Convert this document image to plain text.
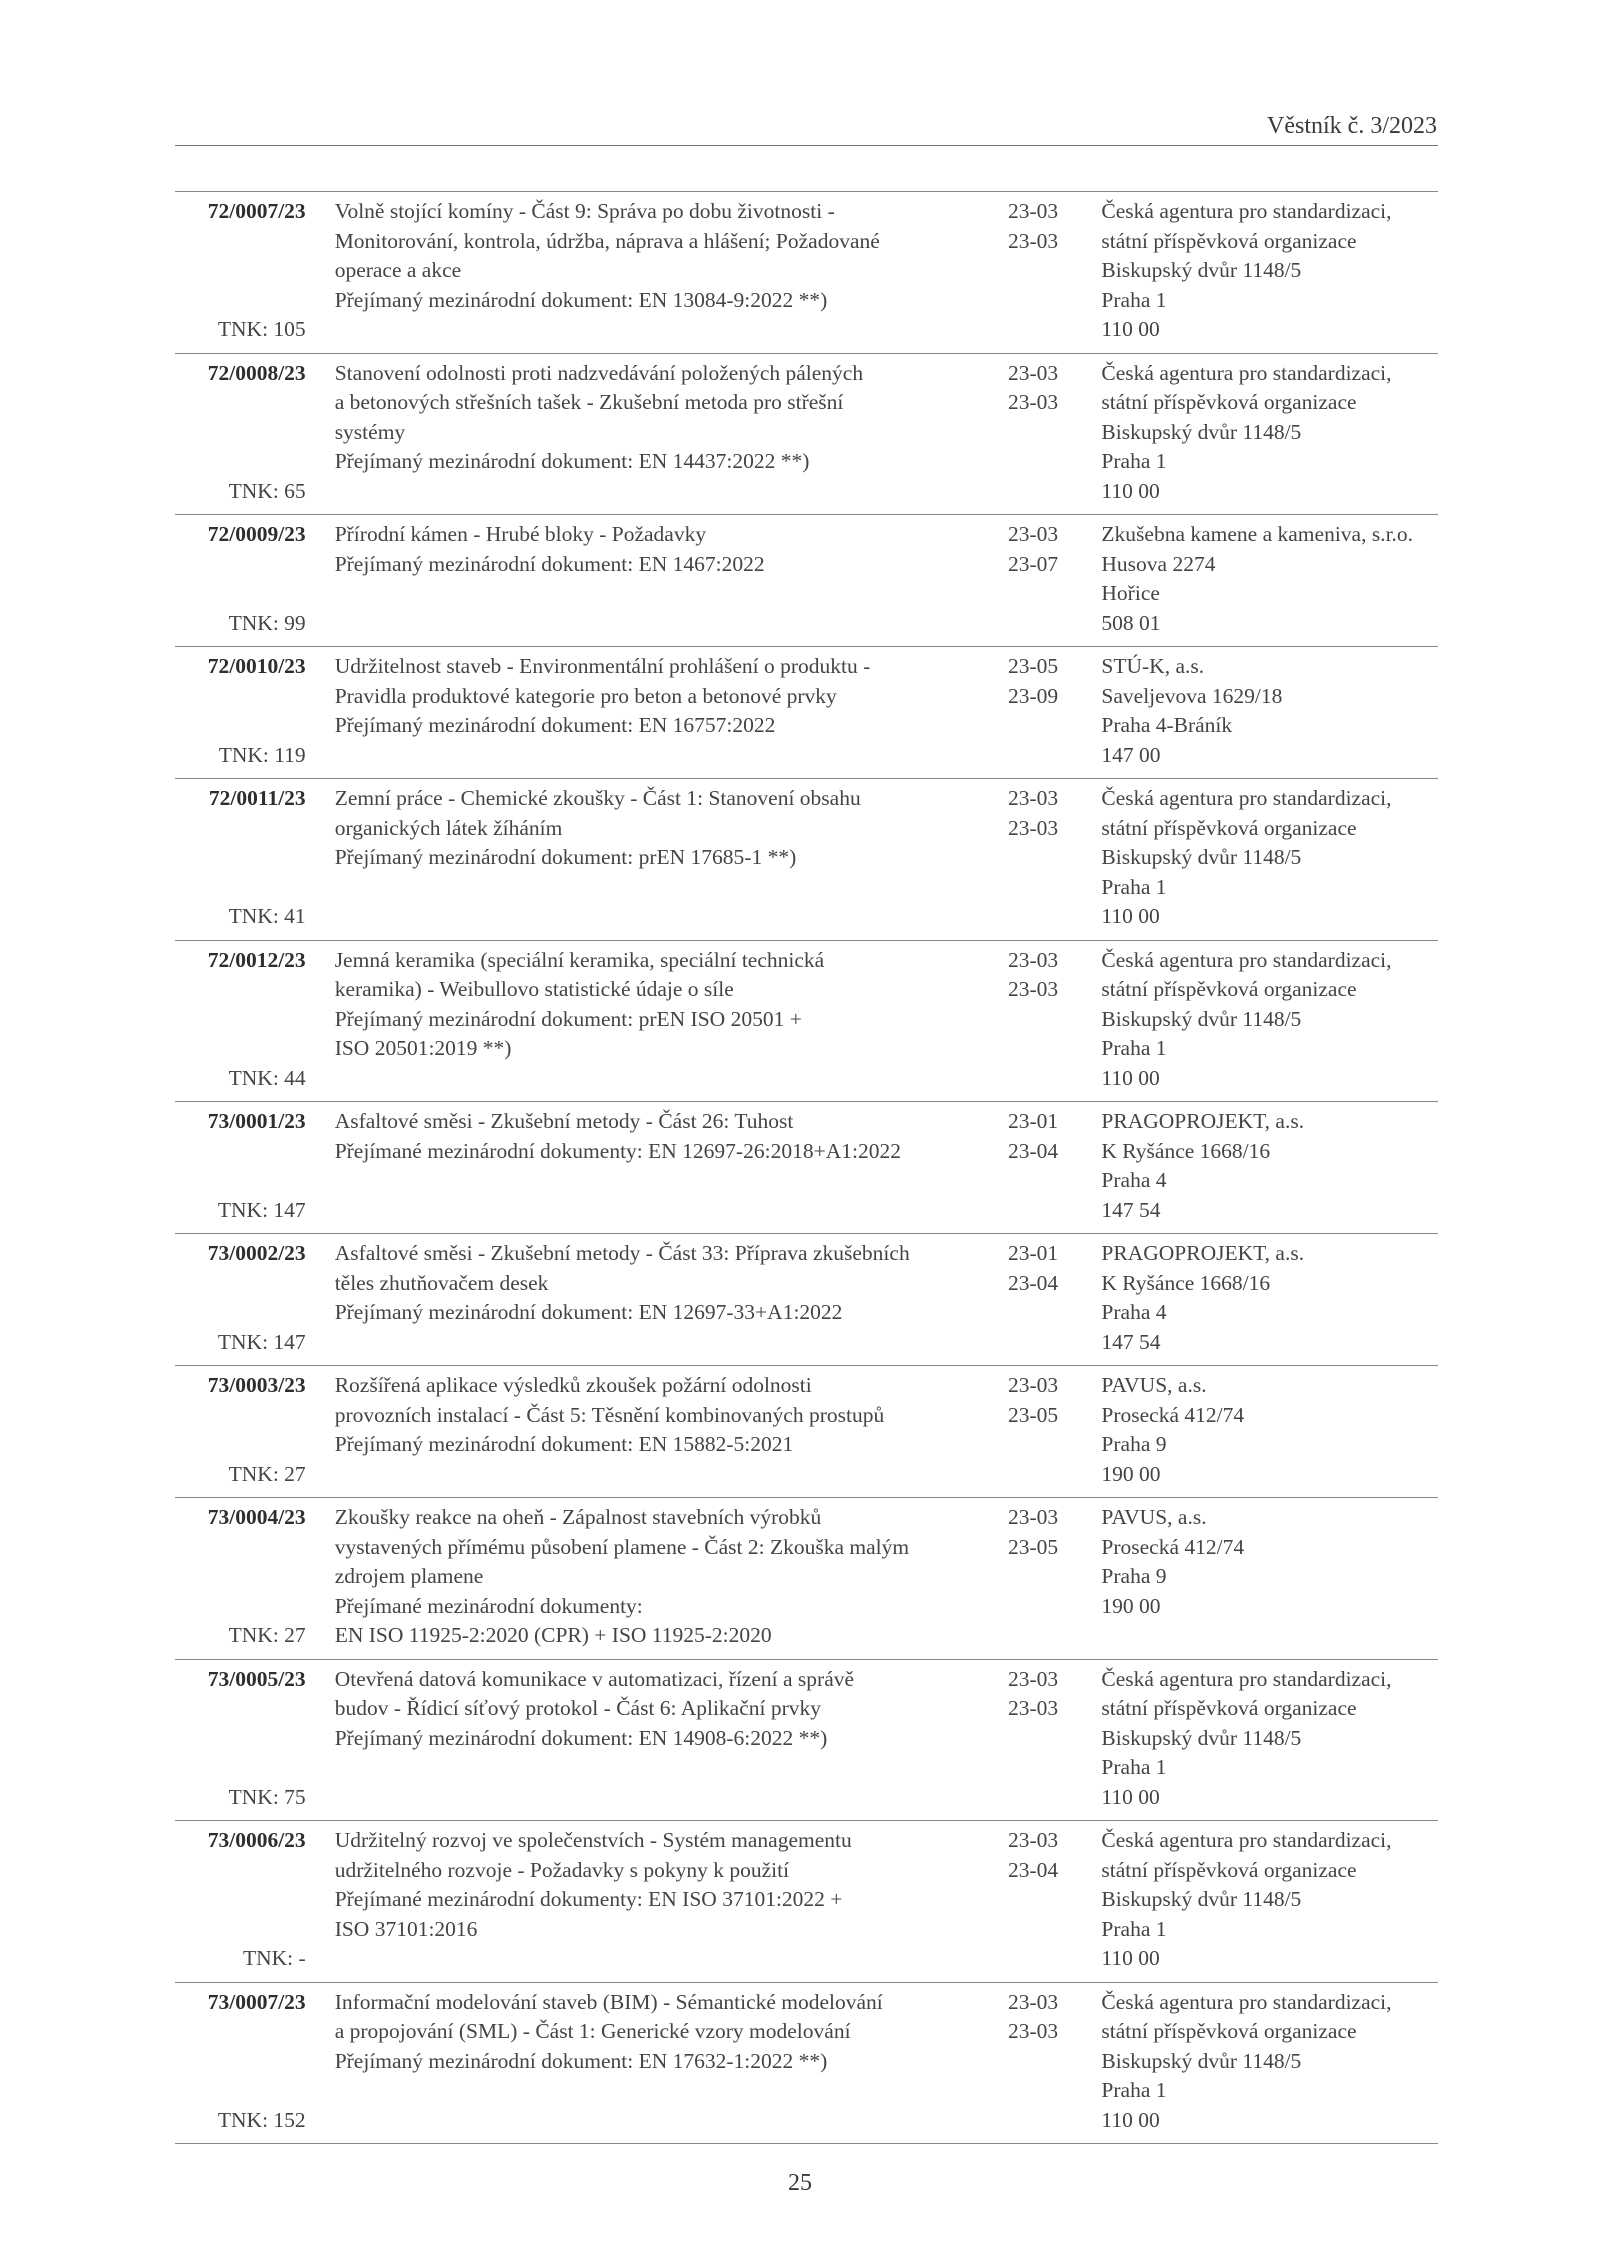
Věstník č. 3/2023
72/0007/23
TNK: 105
Volně stojící komíny - Část 9: Správa po dobu životnosti -
Monitorování, kontrola, údržba, náprava a hlášení; Požadované
operace a akce
Přejímaný mezinárodní dokument: EN 13084-9:2022 **)
23-03
23-03
Česká agentura pro standardizaci,
státní příspěvková organizace
Biskupský dvůr 1148/5
Praha 1
110 00
72/0008/23
TNK: 65
Stanovení odolnosti proti nadzvedávání položených pálených
a betonových střešních tašek - Zkušební metoda pro střešní
systémy
Přejímaný mezinárodní dokument: EN 14437:2022 **)
23-03
23-03
Česká agentura pro standardizaci,
státní příspěvková organizace
Biskupský dvůr 1148/5
Praha 1
110 00
72/0009/23
TNK: 99
Přírodní kámen - Hrubé bloky - Požadavky
Přejímaný mezinárodní dokument: EN 1467:2022
23-03
23-07
Zkušebna kamene a kameniva, s.r.o.
Husova 2274
Hořice
508 01
72/0010/23
TNK: 119
Udržitelnost staveb - Environmentální prohlášení o produktu -
Pravidla produktové kategorie pro beton a betonové prvky
Přejímaný mezinárodní dokument: EN 16757:2022
23-05
23-09
STÚ-K, a.s.
Saveljevova 1629/18
Praha 4-Bráník
147 00
72/0011/23
TNK: 41
Zemní práce - Chemické zkoušky - Část 1: Stanovení obsahu
organických látek žíháním
Přejímaný mezinárodní dokument: prEN 17685-1 **)
23-03
23-03
Česká agentura pro standardizaci,
státní příspěvková organizace
Biskupský dvůr 1148/5
Praha 1
110 00
72/0012/23
TNK: 44
Jemná keramika (speciální keramika, speciální technická
keramika) - Weibullovo statistické údaje o síle
Přejímaný mezinárodní dokument: prEN ISO 20501 +
ISO 20501:2019 **)
23-03
23-03
Česká agentura pro standardizaci,
státní příspěvková organizace
Biskupský dvůr 1148/5
Praha 1
110 00
73/0001/23
TNK: 147
Asfaltové směsi - Zkušební metody - Část 26: Tuhost
Přejímané mezinárodní dokumenty: EN 12697-26:2018+A1:2022
23-01
23-04
PRAGOPROJEKT, a.s.
K Ryšánce 1668/16
Praha 4
147 54
73/0002/23
TNK: 147
Asfaltové směsi - Zkušební metody - Část 33: Příprava zkušebních
těles zhutňovačem desek
Přejímaný mezinárodní dokument: EN 12697-33+A1:2022
23-01
23-04
PRAGOPROJEKT, a.s.
K Ryšánce 1668/16
Praha 4
147 54
73/0003/23
TNK: 27
Rozšířená aplikace výsledků zkoušek požární odolnosti
provozních instalací - Část 5: Těsnění kombinovaných prostupů
Přejímaný mezinárodní dokument: EN 15882-5:2021
23-03
23-05
PAVUS, a.s.
Prosecká 412/74
Praha 9
190 00
73/0004/23
TNK: 27
Zkoušky reakce na oheň - Zápalnost stavebních výrobků
vystavených přímému působení plamene - Část 2: Zkouška malým
zdrojem plamene
Přejímané mezinárodní dokumenty:
EN ISO 11925-2:2020 (CPR) + ISO 11925-2:2020
23-03
23-05
PAVUS, a.s.
Prosecká 412/74
Praha 9
190 00
73/0005/23
TNK: 75
Otevřená datová komunikace v automatizaci, řízení a správě
budov - Řídicí síťový protokol - Část 6: Aplikační prvky
Přejímaný mezinárodní dokument: EN 14908-6:2022 **)
23-03
23-03
Česká agentura pro standardizaci,
státní příspěvková organizace
Biskupský dvůr 1148/5
Praha 1
110 00
73/0006/23
TNK: -
Udržitelný rozvoj ve společenstvích - Systém managementu
udržitelného rozvoje - Požadavky s pokyny k použití
Přejímané mezinárodní dokumenty: EN ISO 37101:2022 +
ISO 37101:2016
23-03
23-04
Česká agentura pro standardizaci,
státní příspěvková organizace
Biskupský dvůr 1148/5
Praha 1
110 00
73/0007/23
TNK: 152
Informační modelování staveb (BIM) - Sémantické modelování
a propojování (SML) - Část 1: Generické vzory modelování
Přejímaný mezinárodní dokument: EN 17632-1:2022 **)
23-03
23-03
Česká agentura pro standardizaci,
státní příspěvková organizace
Biskupský dvůr 1148/5
Praha 1
110 00
25
